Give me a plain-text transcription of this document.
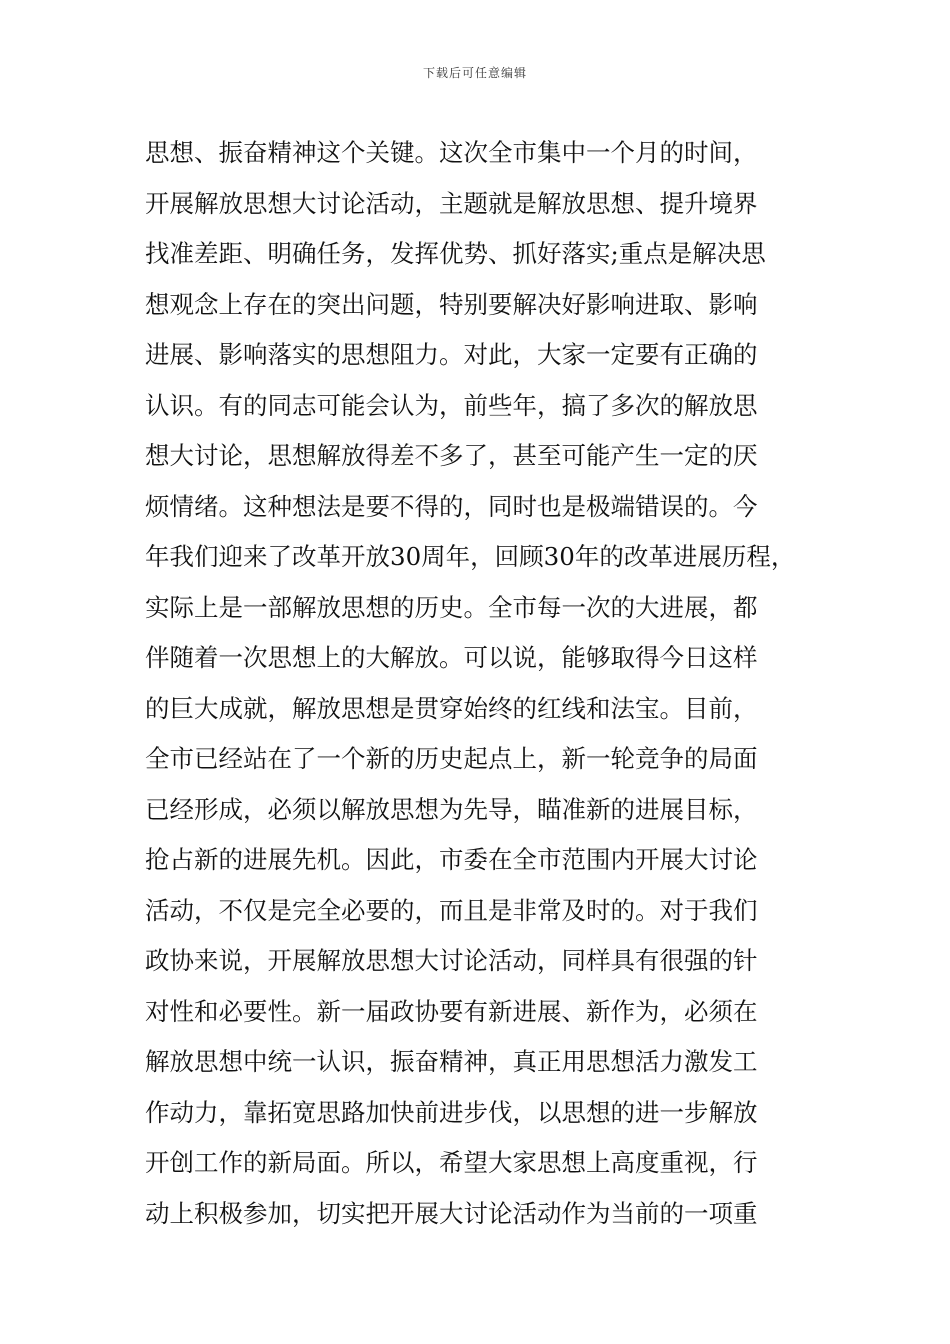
下载后可任意编辑
思想、振奋精神这个关键。这次全市集中一个月的时间，
开展解放思想大讨论活动，主题就是解放思想、提升境界
找准差距、明确任务，发挥优势、抓好落实;重点是解决思
想观念上存在的突出问题，特别要解决好影响进取、影响
进展、影响落实的思想阻力。对此，大家一定要有正确的
认识。有的同志可能会认为，前些年，搞了多次的解放思
想大讨论，思想解放得差不多了，甚至可能产生一定的厌
烦情绪。这种想法是要不得的，同时也是极端错误的。今
年我们迎来了改革开放30周年，回顾30年的改革进展历程，
实际上是一部解放思想的历史。全市每一次的大进展，都
伴随着一次思想上的大解放。可以说，能够取得今日这样
的巨大成就，解放思想是贯穿始终的红线和法宝。目前，
全市已经站在了一个新的历史起点上，新一轮竞争的局面
已经形成，必须以解放思想为先导，瞄准新的进展目标，
抢占新的进展先机。因此，市委在全市范围内开展大讨论
活动，不仅是完全必要的，而且是非常及时的。对于我们
政协来说，开展解放思想大讨论活动，同样具有很强的针
对性和必要性。新一届政协要有新进展、新作为，必须在
解放思想中统一认识，振奋精神，真正用思想活力激发工
作动力，靠拓宽思路加快前进步伐，以思想的进一步解放
开创工作的新局面。所以，希望大家思想上高度重视，行
动上积极参加，切实把开展大讨论活动作为当前的一项重
